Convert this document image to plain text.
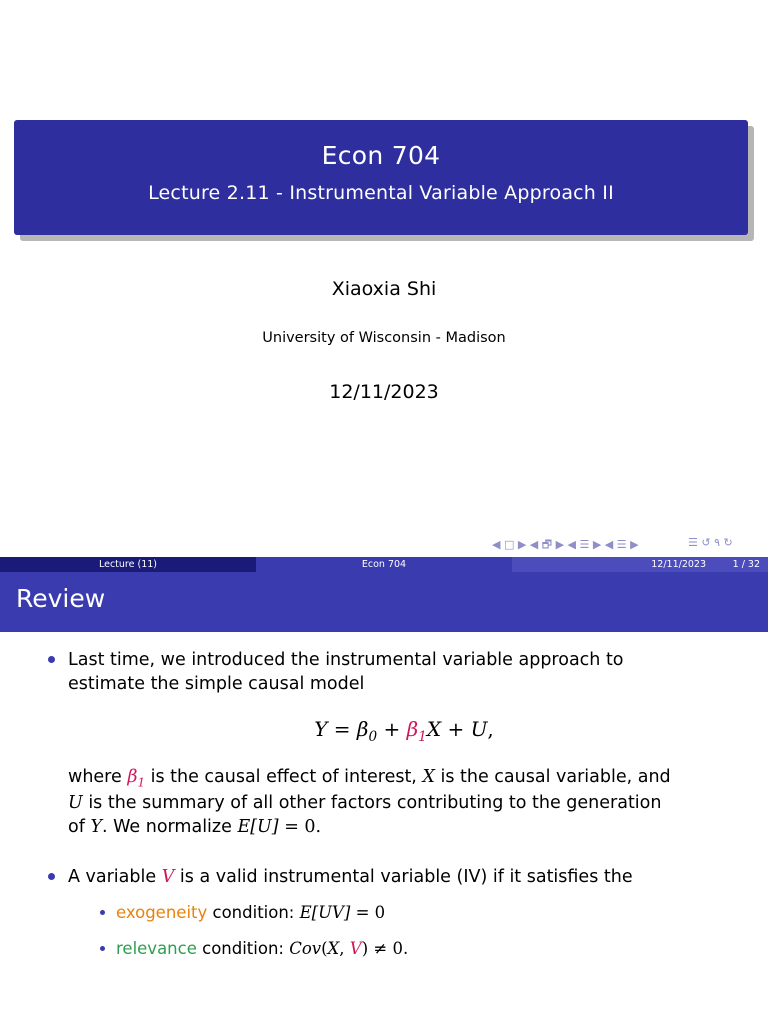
Econ 704
Lecture 2.11 - Instrumental Variable Approach II
Xiaoxia Shi
University of Wisconsin - Madison
12/11/2023
◀ □ ▶ ◀ 🗗 ▶ ◀ ☰ ▶ ◀ ☰ ▶	☰ ↺ ۹ ↻
Lecture (11)	Econ 704	12/11/2023	1 / 32
Review
Last time, we introduced the instrumental variable approach to
estimate the simple causal model
$Y = \beta_0 + \beta_1X + U$,
where $\beta_1$ is the causal effect of interest, X is the causal variable, and
U is the summary of all other factors contributing to the generation
of Y. We normalize E[U] = 0.
A variable V is a valid instrumental variable (IV) if it satisfies the
exogeneity condition: E[UV] = 0
relevance condition: Cov(X, V) ≠ 0.
